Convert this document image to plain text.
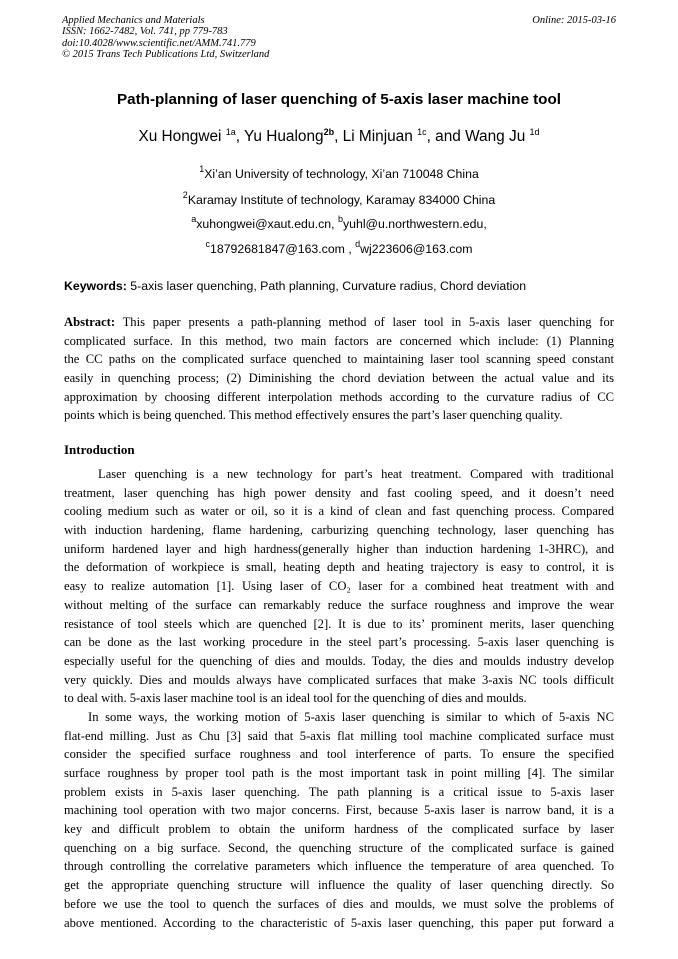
Applied Mechanics and Materials
ISSN: 1662-7482, Vol. 741, pp 779-783
doi:10.4028/www.scientific.net/AMM.741.779
© 2015 Trans Tech Publications Ltd, Switzerland
Online: 2015-03-16
Path-planning of laser quenching of 5-axis laser machine tool
Xu Hongwei $^{1a}$, Yu Hualong$^{2b}$, Li Minjuan $^{1c}$, and Wang Ju $^{1d}$
$^1$Xi’an University of technology, Xi’an 710048 China
$^2$Karamay Institute of technology, Karamay 834000 China
$^a$xuhongwei@xaut.edu.cn, $^b$yuhl@u.northwestern.edu,
$^c$18792681847@163.com , $^d$wj223606@163.com
Keywords: 5-axis laser quenching, Path planning, Curvature radius, Chord deviation
Abstract: This paper presents a path-planning method of laser tool in 5-axis laser quenching for
complicated surface. In this method, two main factors are concerned which include: (1) Planning
the CC paths on the complicated surface quenched to maintaining laser tool scanning speed constant
easily in quenching process; (2) Diminishing the chord deviation between the actual value and its
approximation by choosing different interpolation methods according to the curvature radius of CC
points which is being quenched. This method effectively ensures the part’s laser quenching quality.
Introduction
Laser quenching is a new technology for part’s heat treatment. Compared with traditional
treatment, laser quenching has high power density and fast cooling speed, and it doesn’t need
cooling medium such as water or oil, so it is a kind of clean and fast quenching process. Compared
with induction hardening, flame hardening, carburizing quenching technology, laser quenching has
uniform hardened layer and high hardness(generally higher than induction hardening 1-3HRC), and
the deformation of workpiece is small, heating depth and heating trajectory is easy to control, it is
easy to realize automation [1]. Using laser of CO₂ laser for a combined heat treatment with and
without melting of the surface can remarkably reduce the surface roughness and improve the wear
resistance of tool steels which are quenched [2]. It is due to its’ prominent merits, laser quenching
can be done as the last working procedure in the steel part’s processing. 5-axis laser quenching is
especially useful for the quenching of dies and moulds. Today, the dies and moulds industry develop
very quickly. Dies and moulds always have complicated surfaces that make 3-axis NC tools difficult
to deal with. 5-axis laser machine tool is an ideal tool for the quenching of dies and moulds.
In some ways, the working motion of 5-axis laser quenching is similar to which of 5-axis NC
flat-end milling. Just as Chu [3] said that 5-axis flat milling tool machine complicated surface must
consider the specified surface roughness and tool interference of parts. To ensure the specified
surface roughness by proper tool path is the most important task in point milling [4]. The similar
problem exists in 5-axis laser quenching. The path planning is a critical issue to 5-axis laser
machining tool operation with two major concerns. First, because 5-axis laser is narrow band, it is a
key and difficult problem to obtain the uniform hardness of the complicated surface by laser
quenching on a big surface. Second, the quenching structure of the complicated surface is gained
through controlling the correlative parameters which influence the temperature of area quenched. To
get the appropriate quenching structure will influence the quality of laser quenching directly. So
before we use the tool to quench the surfaces of dies and moulds, we must solve the problems of
above mentioned. According to the characteristic of 5-axis laser quenching, this paper put forward a
